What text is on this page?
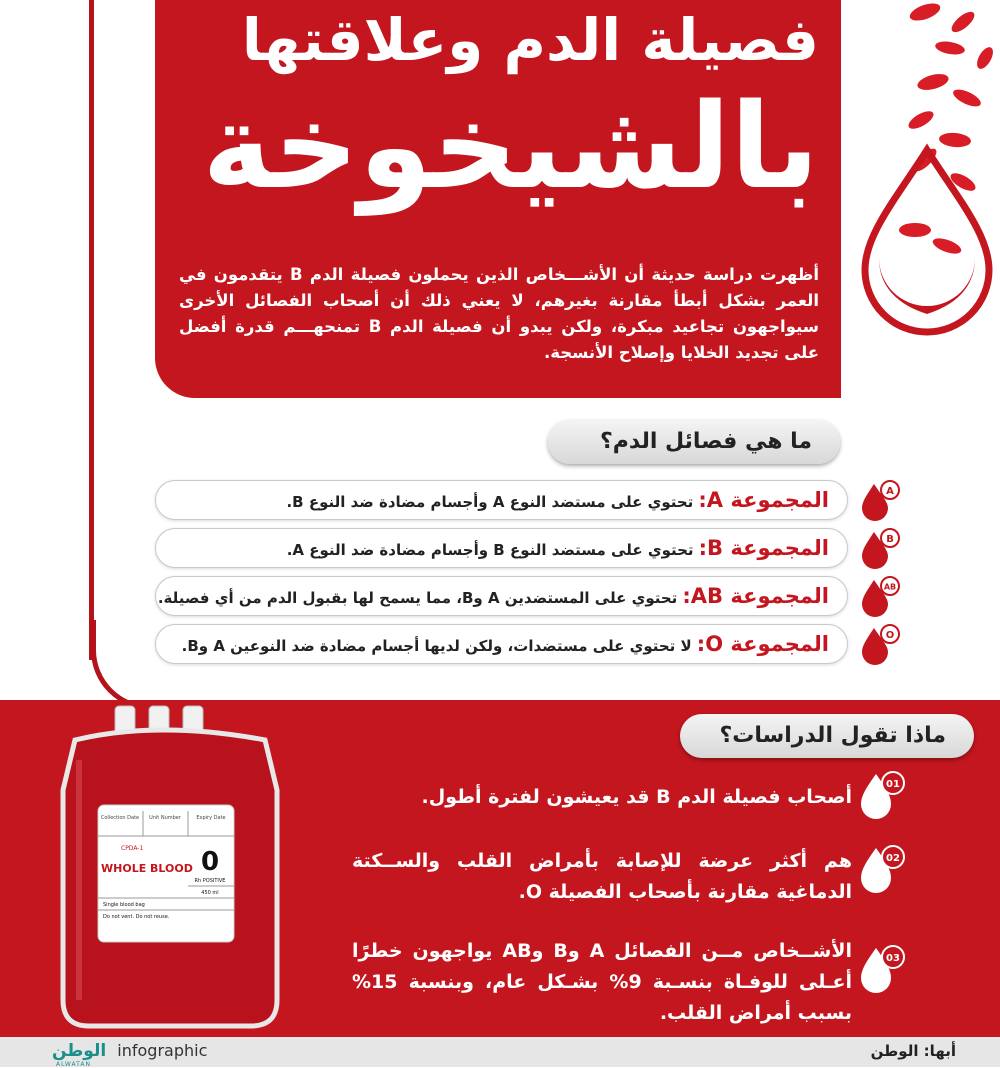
فصيلة الدم وعلاقتها
بالشيخوخة
أظهرت دراسة حديثة أن الأشـــخاص الذين يحملون فصيلة الدم B يتقدمون في العمر بشكل أبطأ مقارنة بغيرهم، لا يعني ذلك أن أصحاب الفصائل الأخرى سيواجهون تجاعيد مبكرة، ولكن يبدو أن فصيلة الدم B تمنحهـــم قدرة أفضل على تجديد الخلايا وإصلاح الأنسجة.
ما هي فصائل الدم؟
المجموعة A: تحتوي على مستضد النوع A وأجسام مضادة ضد النوع B.
المجموعة B: تحتوي على مستضد النوع B وأجسام مضادة ضد النوع A.
المجموعة AB: تحتوي على المستضدين A وB، مما يسمح لها بقبول الدم من أي فصيلة.
المجموعة O: لا تحتوي على مستضدات، ولكن لديها أجسام مضادة ضد النوعين A وB.
A
B
AB
O
Collection Date Unit Number	Expiry Date
CPDA-1
WHOLE BLOOD 0
Rh POSITIVE
450 ml
Single blood bag
Do not vent. Do not reuse.
ماذا تقول الدراسات؟
أصحاب فصيلة الدم B قد يعيشون لفترة أطول.
هم أكثر عرضة للإصابة بأمراض القلب والســكتة الدماغية مقارنة بأصحاب الفصيلة O.
الأشــخاص مــن الفصائل A وB وAB يواجهون خطرًا أعـلى للوفـاة بنسـبة 9% بشـكل عام، وبنسبة 15% بسبب أمراض القلب.
01
02
03
الوطن infographic
ALWATAN
أبها: الوطن
